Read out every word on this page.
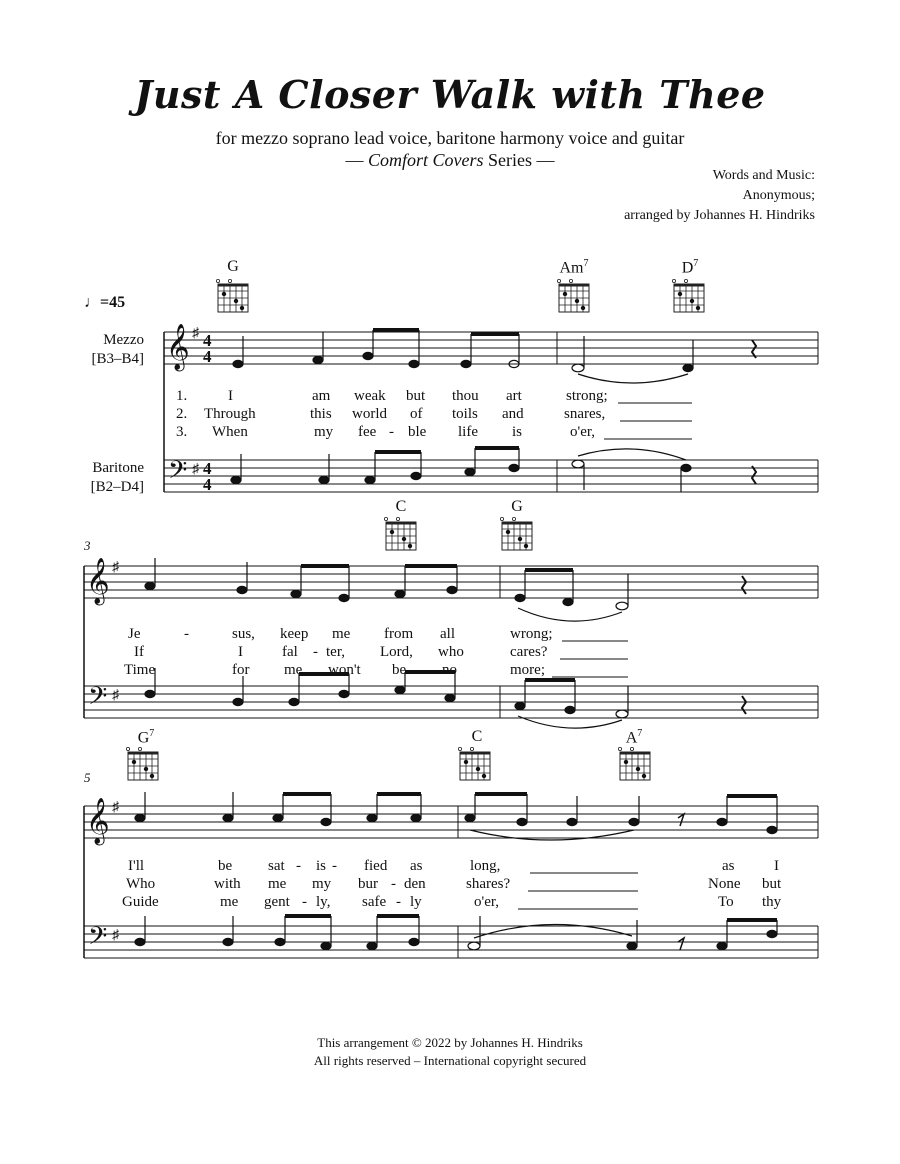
Just A Closer Walk with Thee
for mezzo soprano lead voice, baritone harmony voice and guitar
— Comfort Covers Series —
Words and Music:
Anonymous;
arranged by Johannes H. Hindriks
♩=45
Mezzo
[B3–B4]
Baritone
[B2–D4]
G	Am$^7$	$D^7$
C	G
$G^7$	C	$A^7$
3
5
𝄞
𝄢
𝄞
𝄢
𝄞
𝄢
♯
♯
♯
♯
♯
♯
4
4
4
4
1.	I	am weak but thou art	strong;
2. Through	this world of toils and	snares,
3. When	my fee - ble life is	o'er,
Je	-	sus, keep me from all	wrong;
If	I	fal - ter, Lord, who	cares?
Time	for me won't be no	more;
I'll	be sat - is - fied as	long,	as	I
Who	with me my bur - den	shares?	None but
Guide	me gent - ly, safe - ly	o'er,	To thy
This arrangement © 2022 by Johannes H. Hindriks
All rights reserved – International copyright secured
